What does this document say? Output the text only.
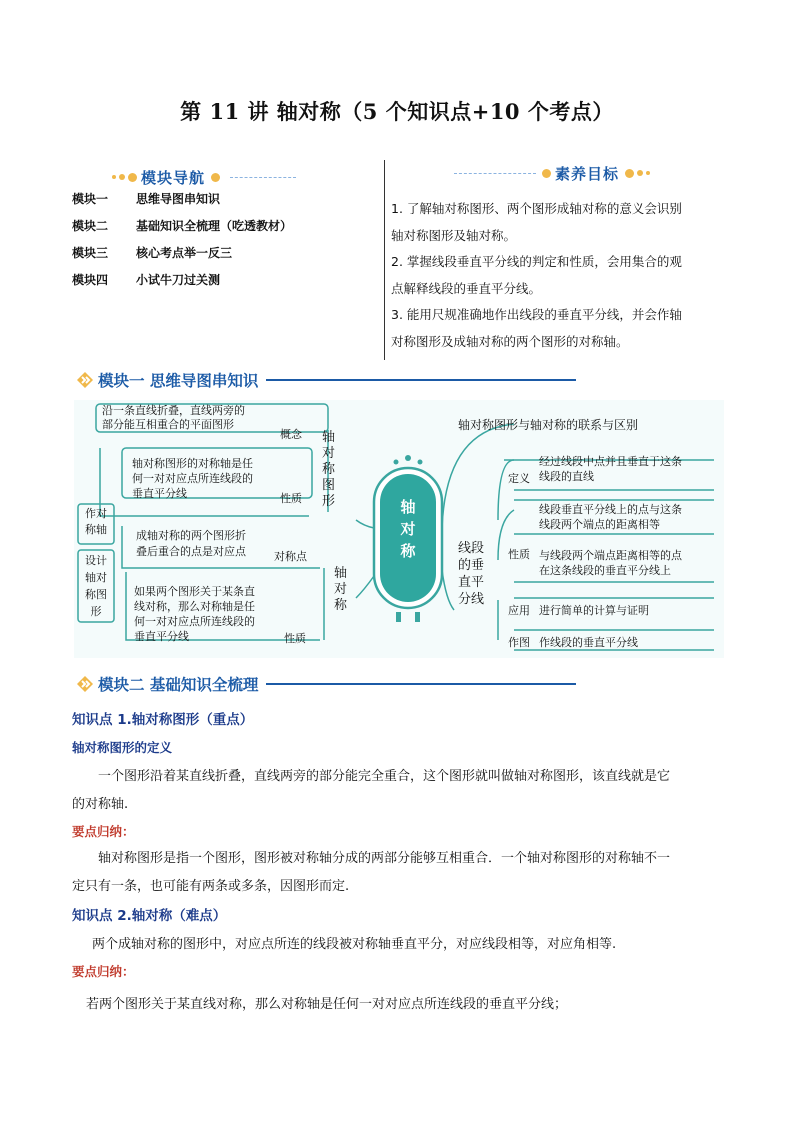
第 11 讲 轴对称（5 个知识点+10 个考点）
模块导航
模块一	思维导图串知识
模块二	基础知识全梳理（吃透教材）
模块三	核心考点举一反三
模块四	小试牛刀过关测
素养目标
1. 了解轴对称图形、两个图形成轴对称的意义会识别
轴对称图形及轴对称。
2. 掌握线段垂直平分线的判定和性质，会用集合的观
点解释线段的垂直平分线。
3. 能用尺规准确地作出线段的垂直平分线，并会作轴
对称图形及成轴对称的两个图形的对称轴。
模块一 思维导图串知识
轴对称
沿一条直线折叠，直线两旁的
部分能互相重合的平面图形
概念 轴对称图形
轴对称图形的对称轴是任
何一对对应点所连线段的
垂直平分线	性质
作对称轴
设计轴对称图形
成轴对称的两个图形折
叠后重合的点是对应点	对称点
轴对称
如果两个图形关于某条直
线对称，那么对称轴是任
何一对对应点所连线段的
垂直平分线	性质
轴对称图形与轴对称的联系与区别
线段的垂直平分线
定义
经过线段中点并且垂直于这条
线段的直线
性质
线段垂直平分线上的点与这条
线段两个端点的距离相等
与线段两个端点距离相等的点
在这条线段的垂直平分线上
应用 进行简单的计算与证明
作图 作线段的垂直平分线
模块二 基础知识全梳理
知识点 1.轴对称图形（重点）
轴对称图形的定义
一个图形沿着某直线折叠，直线两旁的部分能完全重合，这个图形就叫做轴对称图形，该直线就是它
的对称轴.
要点归纳：
轴对称图形是指一个图形，图形被对称轴分成的两部分能够互相重合．一个轴对称图形的对称轴不一
定只有一条，也可能有两条或多条，因图形而定.
知识点 2.轴对称（难点）
两个成轴对称的图形中，对应点所连的线段被对称轴垂直平分，对应线段相等，对应角相等.
要点归纳：
若两个图形关于某直线对称，那么对称轴是任何一对对应点所连线段的垂直平分线；
